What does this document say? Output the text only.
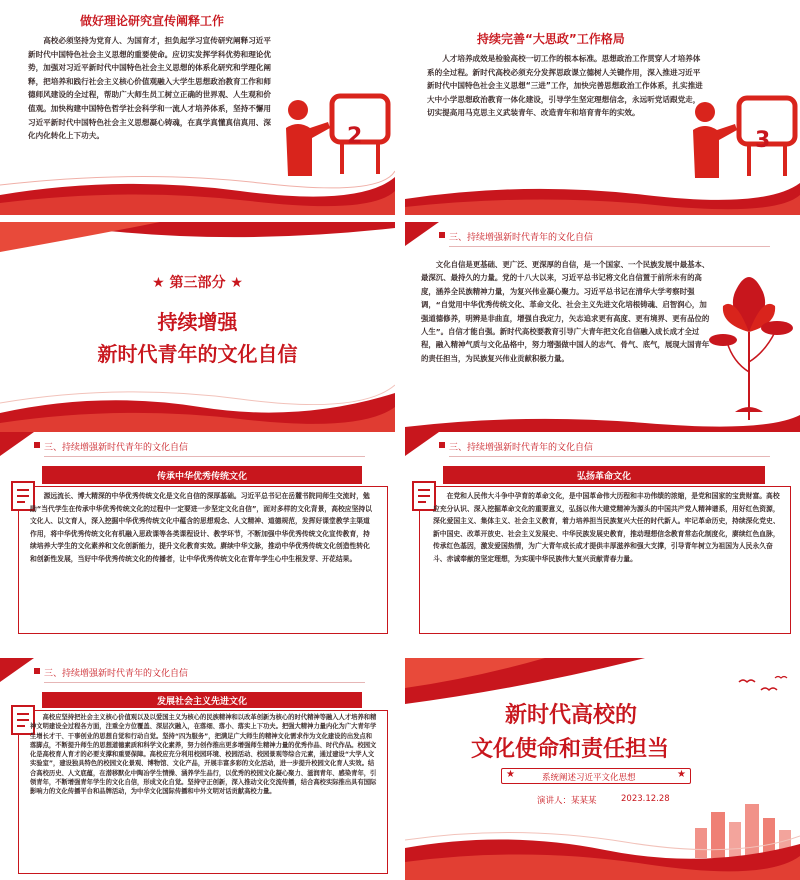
做好理论研究宣传阐释工作
高校必须坚持为党育人、为国育才，担负起学习宣传研究阐释习近平新时代中国特色社会主义思想的重要使命。应切实发挥学科优势和理论优势，加强对习近平新时代中国特色社会主义思想的体系化研究和学理化阐释，把培养和践行社会主义核心价值观融入大学生思想政治教育工作和师德师风建设的全过程，帮助广大师生员工树立正确的世界观、人生观和价值观。加快构建中国特色哲学社会科学和一流人才培养体系，坚持不懈用习近平新时代中国特色社会主义思想凝心铸魂，在真学真懂真信真用、深化内化转化上下功夫。	2
持续完善“大思政”工作格局
人才培养成效是检验高校一切工作的根本标准。思想政治工作贯穿人才培养体系的全过程。新时代高校必须充分发挥思政课立德树人关键作用，深入推进习近平新时代中国特色社会主义思想“三进”工作，加快完善思想政治工作体系，扎实推进大中小学思想政治教育一体化建设，引导学生坚定理想信念，永远听党话跟党走，切实提高用马克思主义武装青年、改造青年和培育青年的实效。
3
★ 第三部分 ★
持续增强
新时代青年的文化自信
三、持续增强新时代青年的文化自信
文化自信是更基础、更广泛、更深厚的自信，是一个国家、一个民族发展中最基本、最深沉、最持久的力量。党的十八大以来，习近平总书记将文化自信置于前所未有的高度，涵养全民族精神力量，为复兴伟业凝心聚力。习近平总书记在清华大学考察时强调，“自觉用中华优秀传统文化、革命文化、社会主义先进文化培根铸魂、启智润心，加强道德修养，明辨是非曲直，增强自我定力，矢志追求更有高度、更有境界、更有品位的人生”。自信才能自强。新时代高校要教育引导广大青年把文化自信融入成长成才全过程，融入精神气质与文化品格中，努力增强做中国人的志气、骨气、底气，展现大国青年的责任担当，为民族复兴伟业贡献积极力量。
三、持续增强新时代青年的文化自信
传承中华优秀传统文化
源远流长、博大精深的中华优秀传统文化是文化自信的深厚基础。习近平总书记在岳麓书院同师生交流时，勉励“当代学生在传承中华优秀传统文化的过程中一定要进一步坚定文化自信”，面对多样的文化背景，高校应坚持以文化人、以文育人，深入挖掘中华优秀传统文化中蕴含的思想观念、人文精神、道德规范，发挥好课堂教学主渠道作用，将中华优秀传统文化有机融入思政课等各类课程设计、教学环节，不断加强中华优秀传统文化宣传教育，持续培养大学生的文化素养和文化创新能力，提升文化教育实效。赓续中华文脉，推动中华优秀传统文化创造性转化和创新性发展，当好中华优秀传统文化的传播者，让中华优秀传统文化在青年学生心中生根发芽、开花结果。
三、持续增强新时代青年的文化自信
弘扬革命文化
在党和人民伟大斗争中孕育的革命文化，是中国革命伟大历程和丰功伟绩的浓缩，是党和国家的宝贵财富。高校应充分认识、深入挖掘革命文化的重要意义，弘扬以伟大建党精神为源头的中国共产党人精神谱系，用好红色资源，深化爱国主义、集体主义、社会主义教育，着力培养担当民族复兴大任的时代新人。牢记革命历史，持续深化党史、新中国史、改革开放史、社会主义发展史、中华民族发展史教育，推动理想信念教育常态化制度化，赓续红色血脉，传承红色基因，激发爱国热情，为广大青年成长成才提供丰厚滋养和强大支撑，引导青年树立为祖国为人民永久奋斗、赤诚奉献的坚定理想，为实现中华民族伟大复兴贡献青春力量。
三、持续增强新时代青年的文化自信
发展社会主义先进文化
高校应坚持把社会主义核心价值观以及以爱国主义为核心的民族精神和以改革创新为核心的时代精神等融入人才培养和精神文明建设全过程各方面，注重全方位覆盖、深层次融入，在落细、落小、落实上下功夫。把强大精神力量内化为广大青年学生增长才干、干事创业的思想自觉和行动自觉。坚持“四为服务”，把满足广大师生的精神文化需求作为文化建设的出发点和落脚点，不断提升师生的思想道德素质和科学文化素养，努力创作推出更多增强师生精神力量的优秀作品、时代作品。校园文化是高校育人育才的必要支撑和重要保障。高校应充分利用校园环境、校园活动、校园景观等综合元素，通过建设“大学人文实验室”，建设独具特色的校园文化景观、博物馆、文化产品，开展丰富多彩的文化活动，进一步提升校园文化育人实效。结合高校历史、人文底蕴，在潜移默化中陶冶学生情操、涵养学生品行，以优秀的校园文化凝心聚力、滋润青年、感染青年，引领青年，不断增强青年学生的文化自信，形成文化自觉。坚持守正创新，深入推动文化交流传播，结合高校实际推出具有国际影响力的文化传播平台和品牌活动，为中华文化国际传播和中外文明对话贡献高校力量。
新时代高校的
文化使命和责任担当
★	系统阐述习近平文化思想	★
演讲人：某某某	2023.12.28
